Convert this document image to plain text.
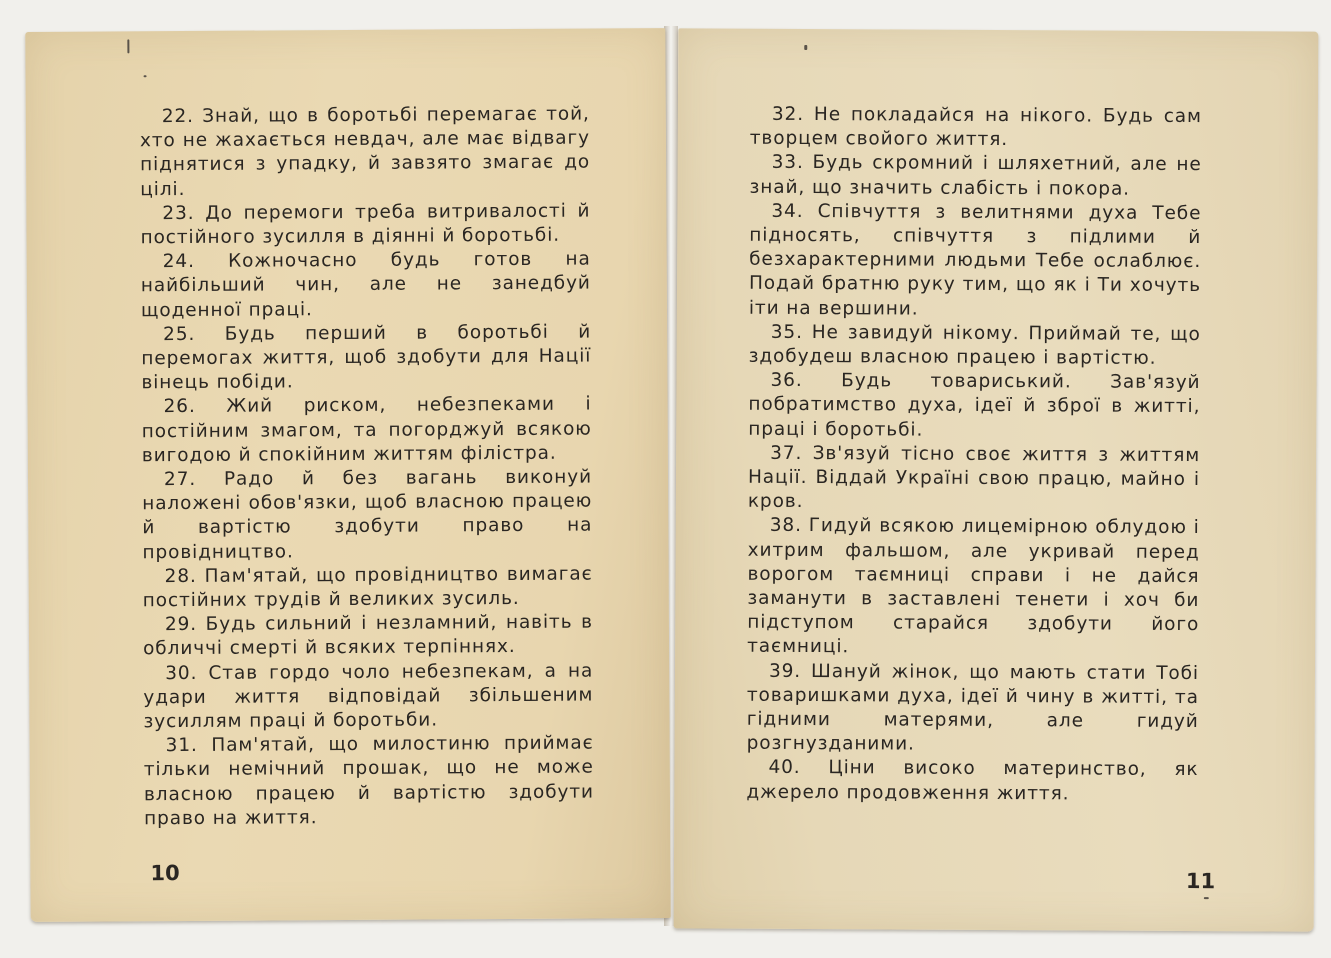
22. Знай, що в боротьбі перемагає той, хто не жахається невдач, але має відвагу піднятися з упадку, й завзято змагає до цілі.

23. До перемоги треба витривалості й постійного зусилля в діянні й боротьбі.

24. Кожночасно будь готов на найбільший чин, але не занедбуй щоденної праці.

25. Будь перший в боротьбі й перемогах життя, щоб здобути для Нації вінець побіди.

26. Жий риском, небезпеками і постійним змагом, та погорджуй всякою вигодою й спокійним життям філістра.

27. Радо й без вагань виконуй наложені обов'язки, щоб власною працею й вартістю здобути право на провідництво.

28. Пам'ятай, що провідництво вимагає постійних трудів й великих зусиль.

29. Будь сильний і незламний, навіть в обличчі смерті й всяких терпіннях.

30. Став гордо чоло небезпекам, а на удари життя відповідай збільшеним зусиллям праці й боротьби.

31. Пам'ятай, що милостиню приймає тільки немічний прошак, що не може власною працею й вартістю здобути право на життя.

10

32. Не покладайся на нікого. Будь сам творцем свойого життя.

33. Будь скромний і шляхетний, але не знай, що значить слабість і покора.

34. Співчуття з велитнями духа Тебе підносять, співчуття з підлими й безхарактерними людьми Тебе ослаблює. Подай братню руку тим, що як і Ти хочуть іти на вершини.

35. Не завидуй нікому. Приймай те, що здобудеш власною працею і вартістю.

36. Будь товариський. Зав'язуй побратимство духа, ідеї й зброї в житті, праці і боротьбі.

37. Зв'язуй тісно своє життя з життям Нації. Віддай Україні свою працю, майно і кров.

38. Гидуй всякою лицемірною облудою і хитрим фальшом, але укривай перед ворогом таємниці справи і не дайся заманути в заставлені тенети і хоч би підступом старайся здобути його таємниці.

39. Шануй жінок, що мають стати Тобі товаришками духа, ідеї й чину в житті, та гідними матерями, але гидуй розгнузданими.

40. Ціни високо материнство, як джерело продовження життя.

11
